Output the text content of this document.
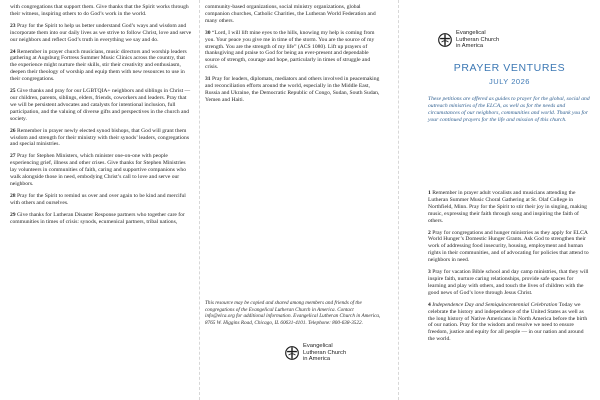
with congregations that support them. Give thanks that the Spirit works through their witness, inspiring others to do God’s work in the world.

23 Pray for the Spirit to help us better understand God’s ways and wisdom and incorporate them into our daily lives as we strive to follow Christ, love and serve our neighbors and reflect God’s truth in everything we say and do.

24 Remember in prayer church musicians, music directors and worship leaders gathering at Augsburg Fortress Summer Music Clinics across the country, that the experience might nurture their skills, stir their creativity and enthusiasm, deepen their theology of worship and equip them with new resources to use in their congregations.

25 Give thanks and pray for our LGBTQIA+ neighbors and siblings in Christ — our children, parents, siblings, elders, friends, coworkers and leaders. Pray that we will be persistent advocates and catalysts for intentional inclusion, full participation, and the valuing of diverse gifts and perspectives in the church and society.

26 Remember in prayer newly elected synod bishops, that God will grant them wisdom and strength for their ministry with their synods’ leaders, congregations and special ministries.

27 Pray for Stephen Ministers, which minister one-on-one with people experiencing grief, illness and other crises. Give thanks for Stephen Ministries lay volunteers in communities of faith, caring and supportive companions who walk alongside those in need, embodying Christ’s call to love and serve our neighbors.

28 Pray for the Spirit to remind us over and over again to be kind and merciful with others and ourselves.

29 Give thanks for Lutheran Disaster Response partners who together care for communities in times of crisis: synods, ecumenical partners, tribal nations,

community-based organizations, social ministry organizations, global companion churches, Catholic Charities, the Lutheran World Federation and many others.

30 “Lord, I will lift mine eyes to the hills, knowing my help is coming from you. Your peace you give me in time of the storm. You are the source of my strength. You are the strength of my life” (ACS 1080). Lift up prayers of thanksgiving and praise to God for being an ever-present and dependable source of strength, courage and hope, particularly in times of struggle and crisis.

31 Pray for leaders, diplomats, mediators and others involved in peacemaking and reconciliation efforts around the world, especially in the Middle East, Russia and Ukraine, the Democratic Republic of Congo, Sudan, South Sudan, Yemen and Haiti.

This resource may be copied and shared among members and friends of the congregations of the Evangelical Lutheran Church in America. Contact info@elca.org for additional information. Evangelical Lutheran Church in America, 8765 W. Higgins Road, Chicago, IL 60631-4101. Telephone: 800-638-3522.
Evangelical
Lutheran Church
in America
Evangelical
Lutheran Church
in America
PRAYER VENTURES
JULY 2026
These petitions are offered as guides to prayer for the global, social and outreach ministries of the ELCA, as well as for the needs and circumstances of our neighbors, communities and world. Thank you for your continued prayers for the life and mission of this church.

1 Remember in prayer adult vocalists and musicians attending the Lutheran Summer Music Choral Gathering at St. Olaf College in Northfield, Minn. Pray for the Spirit to stir their joy in singing, making music, expressing their faith through song and inspiring the faith of others.

2 Pray for congregations and hunger ministries as they apply for ELCA World Hunger’s Domestic Hunger Grants. Ask God to strengthen their work of addressing food insecurity, housing, employment and human rights in their communities, and of advocating for policies that attend to neighbors in need.

3 Pray for vacation Bible school and day camp ministries, that they will inspire faith, nurture caring relationships, provide safe spaces for learning and play with others, and touch the lives of children with the good news of God’s love through Jesus Christ.

4 Independence Day and Semiquincentennial Celebration Today we celebrate the history and independence of the United States as well as the long history of Native Americans in North America before the birth of our nation. Pray for the wisdom and resolve we need to ensure freedom, justice and equity for all people — in our nation and around the world.
